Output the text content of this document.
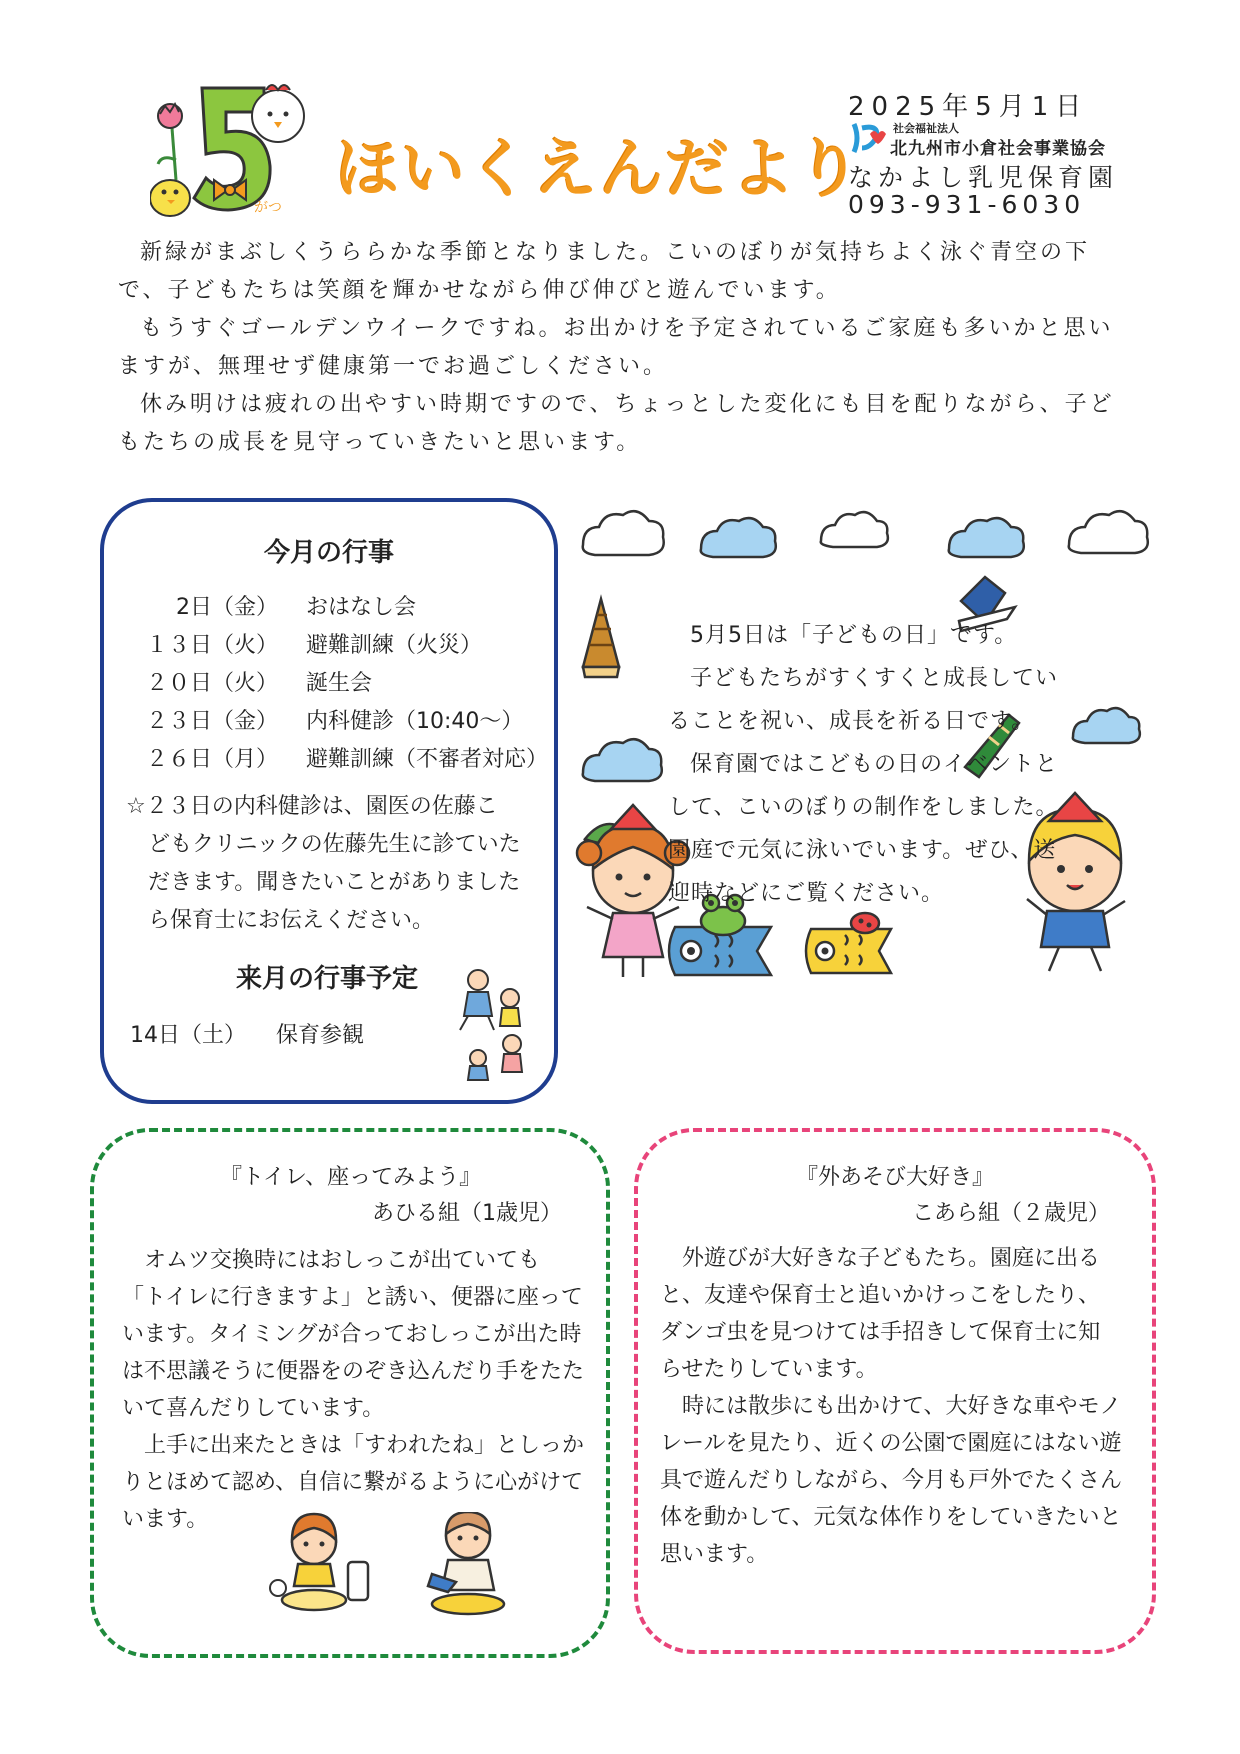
がつ
ほいくえんだより
2025年5月1日
社会福祉法人
北九州市小倉社会事業協会
なかよし乳児保育園
093-931-6030

新緑がまぶしくうららかな季節となりました。こいのぼりが気持ちよく泳ぐ青空の下で、子どもたちは笑顔を輝かせながら伸び伸びと遊んでいます。

もうすぐゴールデンウイークですね。お出かけを予定されているご家庭も多いかと思いますが、無理せず健康第一でお過ごしください。

休み明けは疲れの出やすい時期ですので、ちょっとした変化にも目を配りながら、子どもたちの成長を見守っていきたいと思います。

今月の行事
2日（金）	おはなし会
１３日（火）	避難訓練（火災）
２０日（火）	誕生会
２３日（金）	内科健診（10:40～）
２６日（月）	避難訓練（不審者対応）
☆２３日の内科健診は、園医の佐藤こ
どもクリニックの佐藤先生に診ていただきます。聞きたいことがありましたら保育士にお伝えください。
来月の行事予定
14日（土） 保育参観

5月5日は「子どもの日」です。

子どもたちがすくすくと成長していることを祝い、成長を祈る日です。

保育園ではこどもの日のイベントとして、こいのぼりの制作をしました。園庭で元気に泳いでいます。ぜひ、送迎時などにご覧ください。

『トイレ、座ってみよう』
あひる組（1歳児）

オムツ交換時にはおしっこが出ていても「トイレに行きますよ」と誘い、便器に座っています。タイミングが合っておしっこが出た時は不思議そうに便器をのぞき込んだり手をたたいて喜んだりしています。

上手に出来たときは「すわれたね」としっかりとほめて認め、自信に繋がるように心がけています。

『外あそび大好き』
こあら組（２歳児）

外遊びが大好きな子どもたち。園庭に出ると、友達や保育士と追いかけっこをしたり、ダンゴ虫を見つけては手招きして保育士に知らせたりしています。

時には散歩にも出かけて、大好きな車やモノレールを見たり、近くの公園で園庭にはない遊具で遊んだりしながら、今月も戸外でたくさん体を動かして、元気な体作りをしていきたいと思います。
